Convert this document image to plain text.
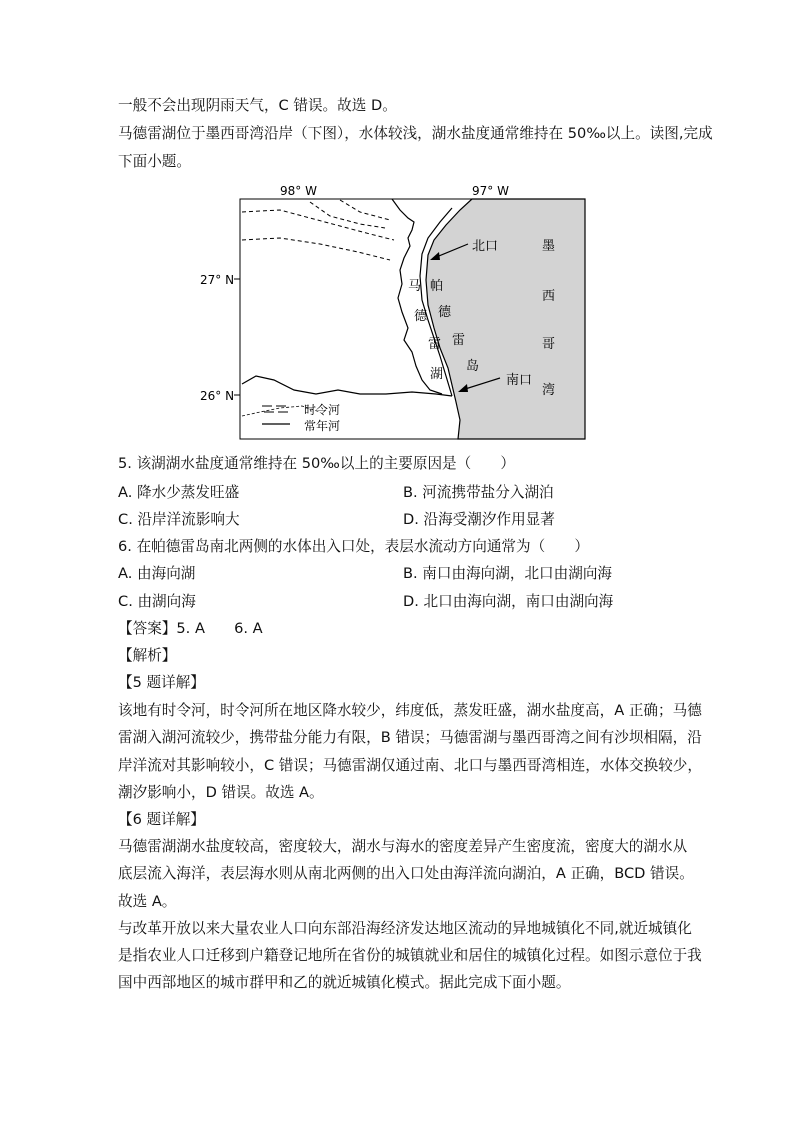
一般不会出现阴雨天气，C 错误。故选 D。
马德雷湖位于墨西哥湾沿岸（下图），水体较浅，湖水盐度通常维持在 50‰以上。读图,完成
下面小题。
98° W	97° W
27° N
26° N
北口
南口
墨
西
哥
湾
马
德
雷
湖
帕
德
雷
岛
时令河
常年河
5. 该湖湖水盐度通常维持在 50‰以上的主要原因是（　　）
A. 降水少蒸发旺盛	B. 河流携带盐分入湖泊
C. 沿岸洋流影响大	D. 沿海受潮汐作用显著
6. 在帕德雷岛南北两侧的水体出入口处，表层水流动方向通常为（　　）
A. 由海向湖	B. 南口由海向湖，北口由湖向海
C. 由湖向海	D. 北口由海向湖，南口由湖向海
【答案】5. A　　6. A
【解析】
【5 题详解】
该地有时令河，时令河所在地区降水较少，纬度低，蒸发旺盛，湖水盐度高，A 正确；马德
雷湖入湖河流较少，携带盐分能力有限，B 错误；马德雷湖与墨西哥湾之间有沙坝相隔，沿
岸洋流对其影响较小，C 错误；马德雷湖仅通过南、北口与墨西哥湾相连，水体交换较少，
潮汐影响小，D 错误。故选 A。
【6 题详解】
马德雷湖湖水盐度较高，密度较大，湖水与海水的密度差异产生密度流，密度大的湖水从
底层流入海洋，表层海水则从南北两侧的出入口处由海洋流向湖泊，A 正确，BCD 错误。
故选 A。
与改革开放以来大量农业人口向东部沿海经济发达地区流动的异地城镇化不同,就近城镇化
是指农业人口迁移到户籍登记地所在省份的城镇就业和居住的城镇化过程。如图示意位于我
国中西部地区的城市群甲和乙的就近城镇化模式。据此完成下面小题。
